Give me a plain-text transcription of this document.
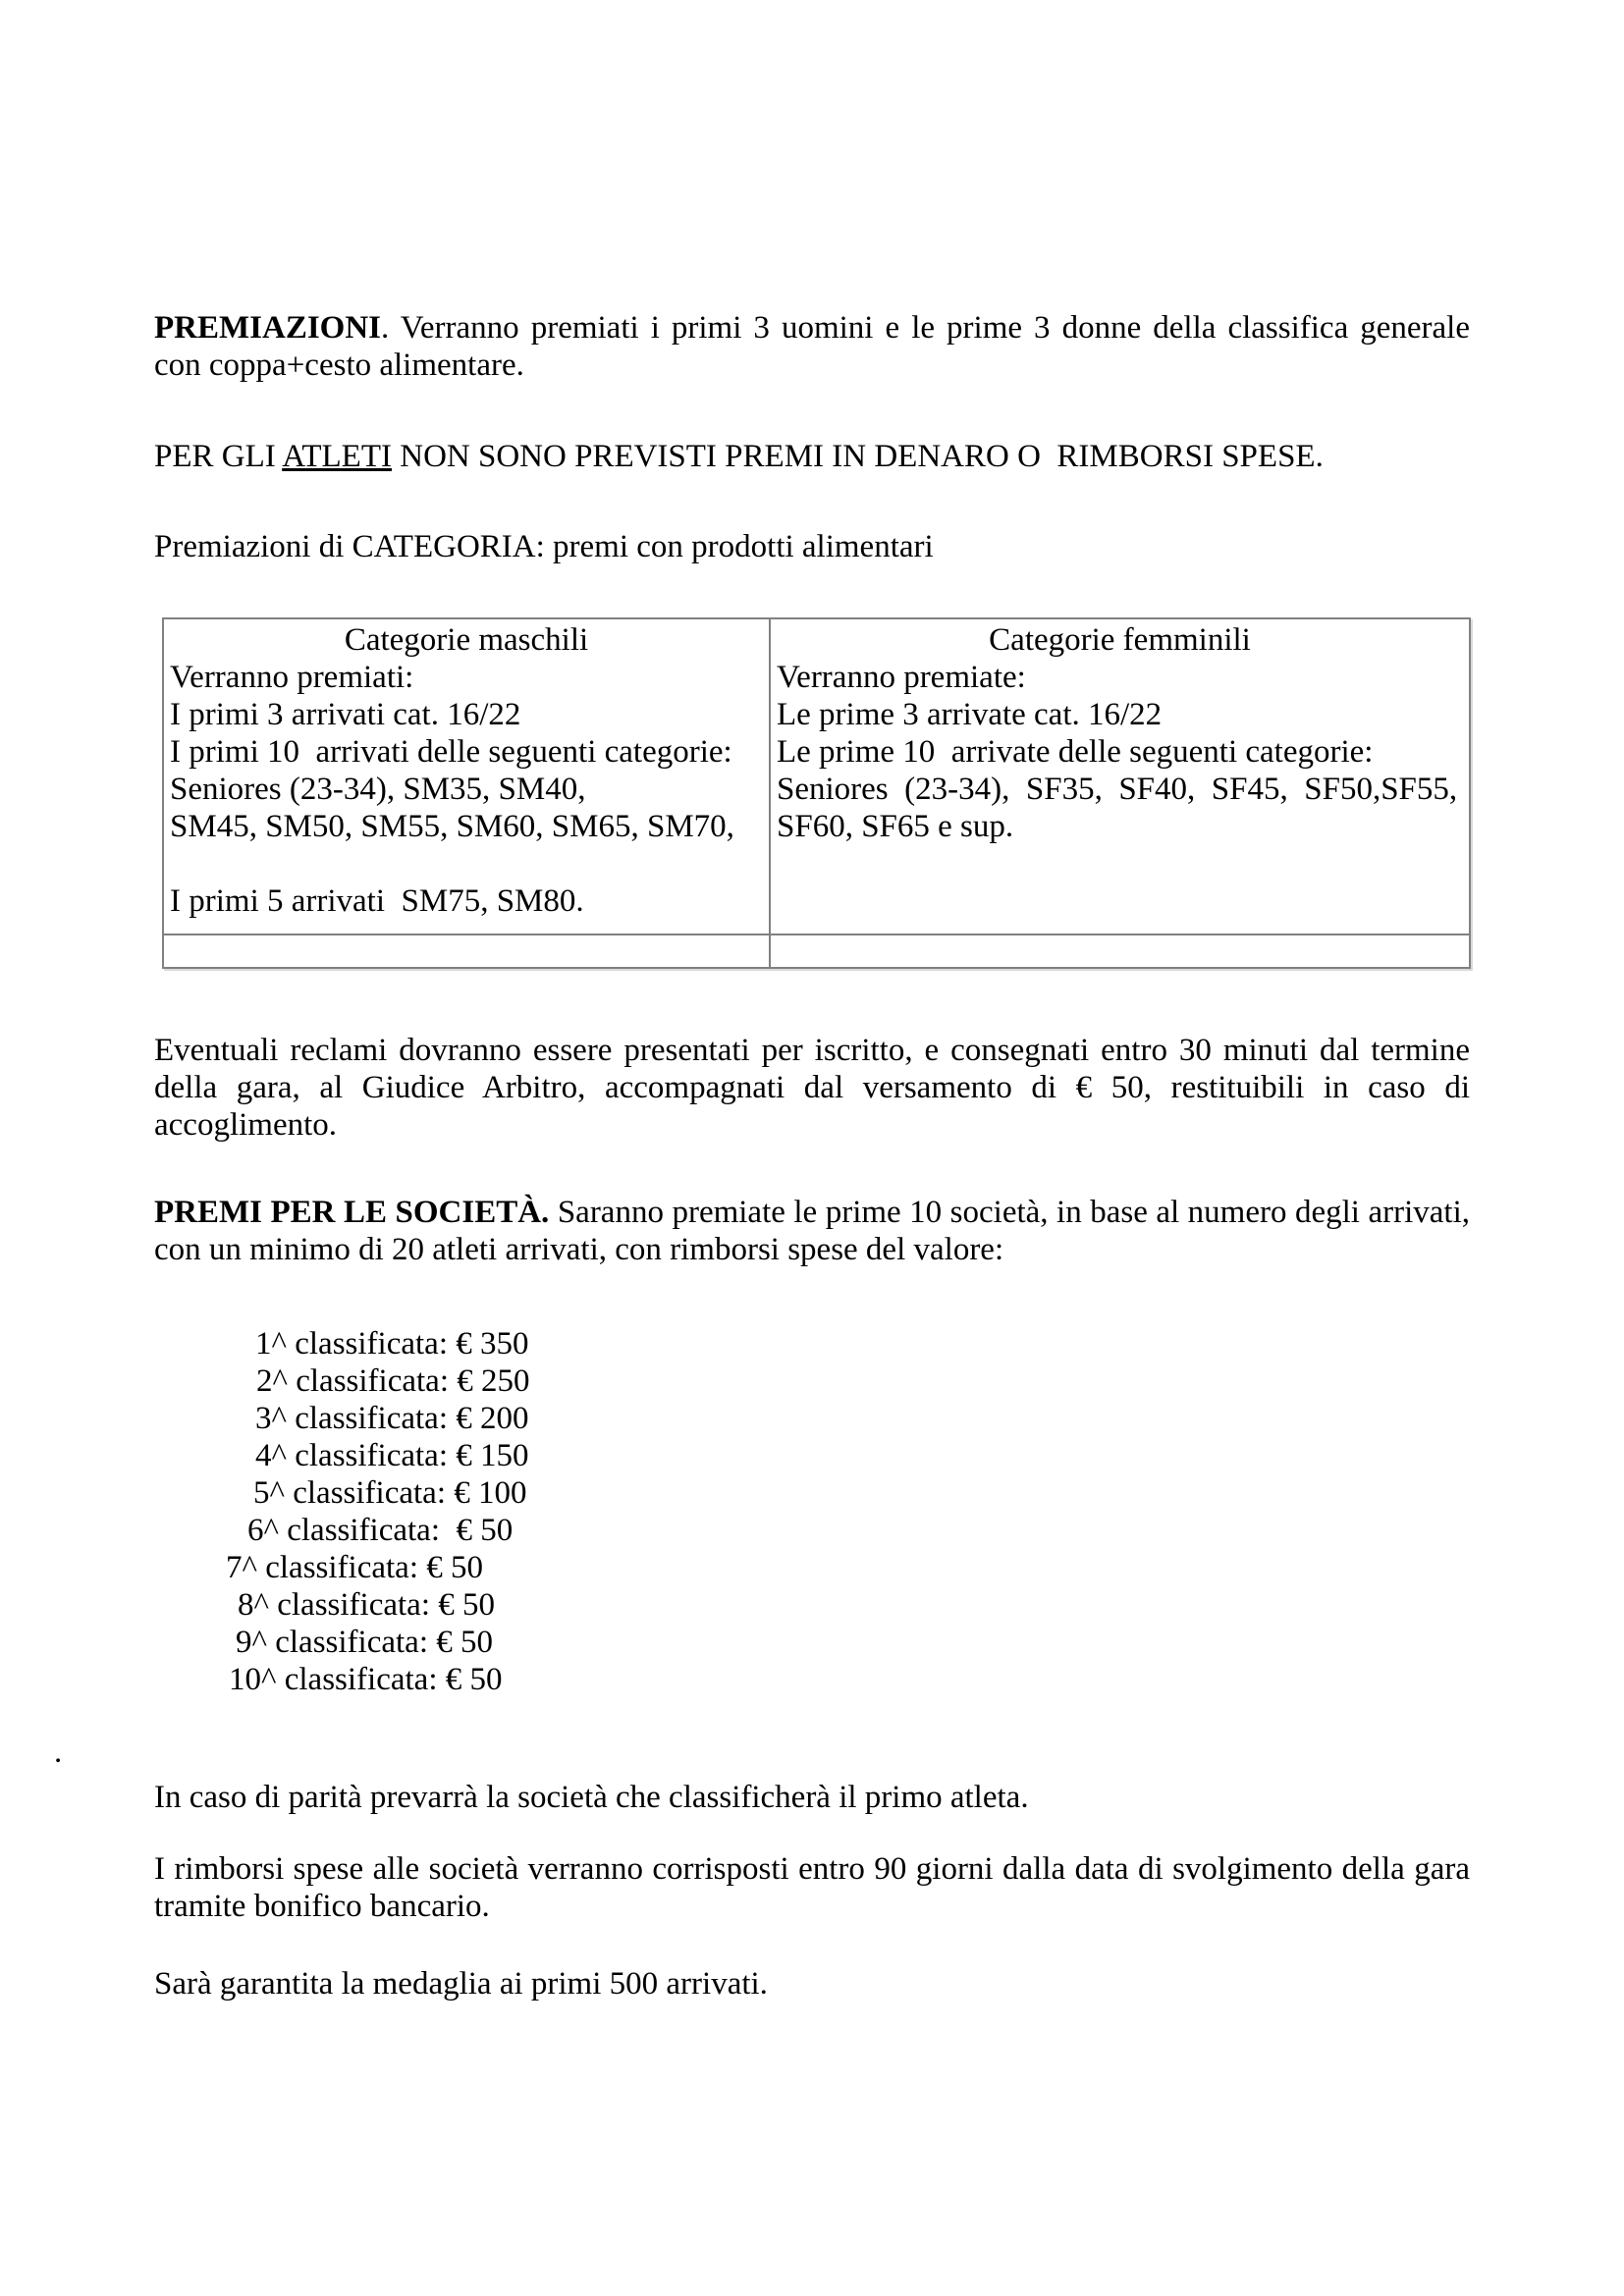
PREMIAZIONI. Verranno premiati i primi 3 uomini e le prime 3 donne della classifica generale
con coppa+cesto alimentare.
PER GLI ATLETI NON SONO PREVISTI PREMI IN DENARO O  RIMBORSI SPESE.
Premiazioni di CATEGORIA: premi con prodotti alimentari
Categorie maschili
Verranno premiati:
I primi 3 arrivati cat. 16/22
I primi 10  arrivati delle seguenti categorie:
Seniores (23-34), SM35, SM40,
SM45, SM50, SM55, SM60, SM65, SM70,
I primi 5 arrivati  SM75, SM80.

Categorie femminili
Verranno premiate:
Le prime 3 arrivate cat. 16/22
Le prime 10  arrivate delle seguenti categorie:
Seniores  (23-34),  SF35,  SF40,  SF45,  SF50,SF55,
SF60, SF65 e sup.

Eventuali reclami dovranno essere presentati per iscritto, e consegnati entro 30 minuti dal termine
della gara, al Giudice Arbitro, accompagnati dal versamento di € 50, restituibili in caso di
accoglimento.
PREMI PER LE SOCIETÀ. Saranno premiate le prime 10 società, in base al numero degli arrivati,
con un minimo di 20 atleti arrivati, con rimborsi spese del valore:
1^ classificata: € 350
2^ classificata: € 250
3^ classificata: € 200
4^ classificata: € 150
5^ classificata: € 100
6^ classificata:  € 50
7^ classificata: € 50
8^ classificata: € 50
9^ classificata: € 50
10^ classificata: € 50
.
In caso di parità prevarrà la società che classificherà il primo atleta.
I rimborsi spese alle società verranno corrisposti entro 90 giorni dalla data di svolgimento della gara
tramite bonifico bancario.
Sarà garantita la medaglia ai primi 500 arrivati.
